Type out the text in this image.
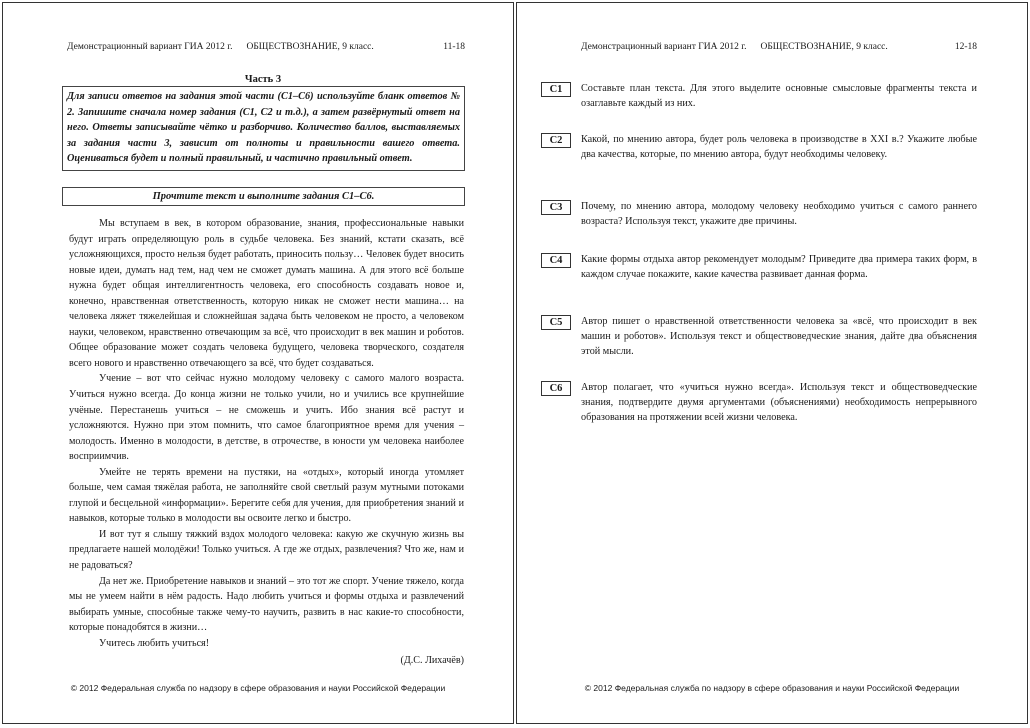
Демонстрационный вариант ГИА 2012 г. ОБЩЕСТВОЗНАНИЕ, 9 класс.	11-18
Часть 3
Для записи ответов на задания этой части (С1–С6) используйте бланк ответов № 2. Запишите сначала номер задания (С1, С2 и т.д.), а затем развёрнутый ответ на него. Ответы записывайте чётко и разборчиво. Количество баллов, выставляемых за задания части 3, зависит от полноты и правильности вашего ответа. Оцениваться будет и полный правильный, и частично правильный ответ.
Прочтите текст и выполните задания С1–С6.

Мы вступаем в век, в котором образование, знания, профессиональные навыки будут играть определяющую роль в судьбе человека. Без знаний, кстати сказать, всё усложняющихся, просто нельзя будет работать, приносить пользу… Человек будет вносить новые идеи, думать над тем, над чем не сможет думать машина. А для этого всё больше нужна будет общая интеллигентность человека, его способность создавать новое и, конечно, нравственная ответственность, которую никак не сможет нести машина… на человека ляжет тяжелейшая и сложнейшая задача быть человеком не просто, а человеком науки, человеком, нравственно отвечающим за всё, что происходит в век машин и роботов. Общее образование может создать человека будущего, человека творческого, создателя всего нового и нравственно отвечающего за всё, что будет создаваться.

Учение – вот что сейчас нужно молодому человеку с самого малого возраста. Учиться нужно всегда. До конца жизни не только учили, но и учились все крупнейшие учёные. Перестанешь учиться – не сможешь и учить. Ибо знания всё растут и усложняются. Нужно при этом помнить, что самое благоприятное время для учения – молодость. Именно в молодости, в детстве, в отрочестве, в юности ум человека наиболее восприимчив.

Умейте не терять времени на пустяки, на «отдых», который иногда утомляет больше, чем самая тяжёлая работа, не заполняйте свой светлый разум мутными потоками глупой и бесцельной «информации». Берегите себя для учения, для приобретения знаний и навыков, которые только в молодости вы освоите легко и быстро.

И вот тут я слышу тяжкий вздох молодого человека: какую же скучную жизнь вы предлагаете нашей молодёжи! Только учиться. А где же отдых, развлечения? Что же, нам и не радоваться?

Да нет же. Приобретение навыков и знаний – это тот же спорт. Учение тяжело, когда мы не умеем найти в нём радость. Надо любить учиться и формы отдыха и развлечений выбирать умные, способные также чему-то научить, развить в нас какие-то способности, которые понадобятся в жизни…

Учитесь любить учиться!

(Д.С. Лихачёв)

© 2012 Федеральная служба по надзору в сфере образования и науки Российской Федерации
Демонстрационный вариант ГИА 2012 г. ОБЩЕСТВОЗНАНИЕ, 9 класс.	12-18
С1	Составьте план текста. Для этого выделите основные смысловые фрагменты текста и озаглавьте каждый из них.
С2	Какой, по мнению автора, будет роль человека в производстве в XXI в.? Укажите любые два качества, которые, по мнению автора, будут необходимы человеку.
С3	Почему, по мнению автора, молодому человеку необходимо учиться с самого раннего возраста? Используя текст, укажите две причины.
С4	Какие формы отдыха автор рекомендует молодым? Приведите два примера таких форм, в каждом случае покажите, какие качества развивает данная форма.
С5	Автор пишет о нравственной ответственности человека за «всё, что происходит в век машин и роботов». Используя текст и обществоведческие знания, дайте два объяснения этой мысли.
С6	Автор полагает, что «учиться нужно всегда». Используя текст и обществоведческие знания, подтвердите двумя аргументами (объяснениями) необходимость непрерывного образования на протяжении всей жизни человека.
© 2012 Федеральная служба по надзору в сфере образования и науки Российской Федерации
